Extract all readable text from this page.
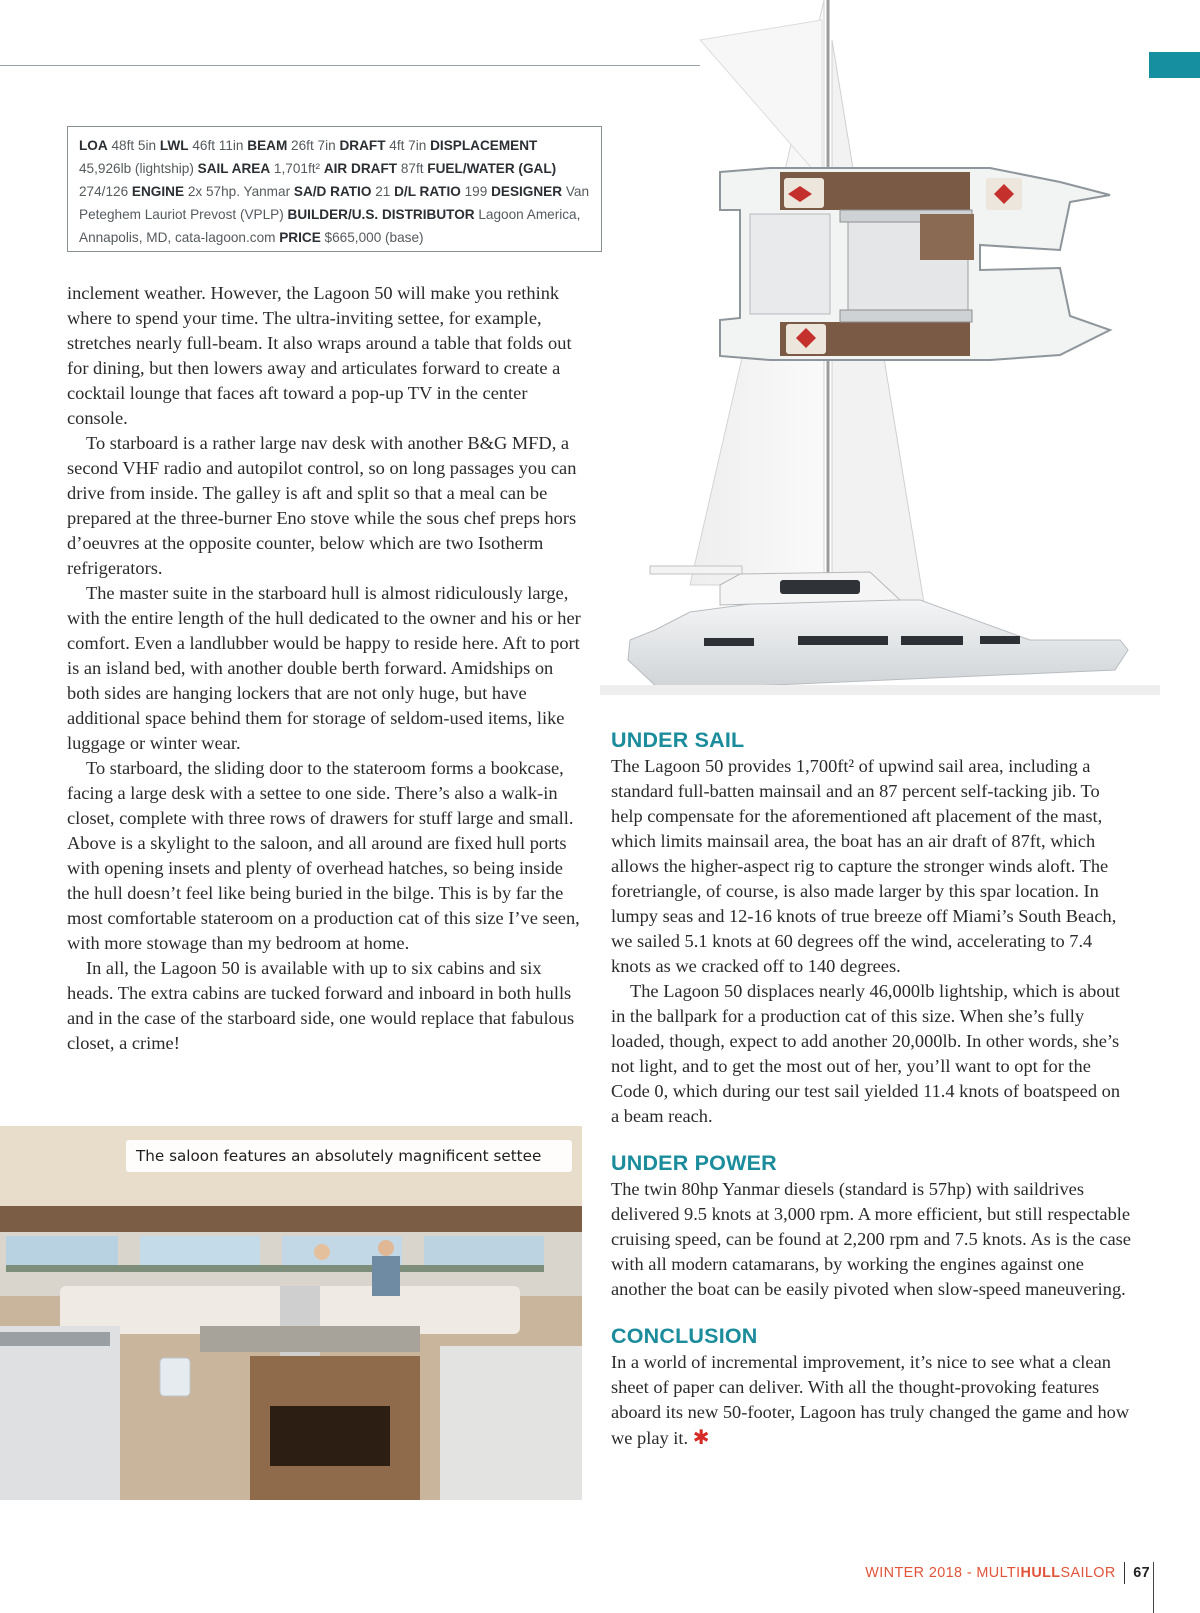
LOA 48ft 5in LWL 46ft 11in BEAM 26ft 7in DRAFT 4ft 7in DISPLACEMENT 45,926lb (lightship) SAIL AREA 1,701ft² AIR DRAFT 87ft FUEL/WATER (GAL) 274/126 ENGINE 2x 57hp. Yanmar SA/D RATIO 21 D/L RATIO 199 DESIGNER Van Peteghem Lauriot Prevost (VPLP) BUILDER/U.S. DISTRIBUTOR Lagoon America, Annapolis, MD, cata-lagoon.com PRICE $665,000 (base)

inclement weather. However, the Lagoon 50 will make you rethink where to spend your time. The ultra-inviting settee, for example, stretches nearly full-beam. It also wraps around a table that folds out for dining, but then lowers away and articulates forward to create a cocktail lounge that faces aft toward a pop-up TV in the center console.

To starboard is a rather large nav desk with another B&G MFD, a second VHF radio and autopilot control, so on long passages you can drive from inside. The galley is aft and split so that a meal can be prepared at the three-burner Eno stove while the sous chef preps hors d’oeuvres at the opposite counter, below which are two Isotherm refrigerators.

The master suite in the starboard hull is almost ridiculously large, with the entire length of the hull dedicated to the owner and his or her comfort. Even a landlubber would be happy to reside here. Aft to port is an island bed, with another double berth forward. Amidships on both sides are hanging lockers that are not only huge, but have additional space behind them for storage of seldom-used items, like luggage or winter wear.

To starboard, the sliding door to the stateroom forms a bookcase, facing a large desk with a settee to one side. There’s also a walk-in closet, complete with three rows of drawers for stuff large and small. Above is a skylight to the saloon, and all around are fixed hull ports with opening insets and plenty of overhead hatches, so being inside the hull doesn’t feel like being buried in the bilge. This is by far the most comfortable stateroom on a production cat of this size I’ve seen, with more stowage than my bedroom at home.

In all, the Lagoon 50 is available with up to six cabins and six heads. The extra cabins are tucked forward and inboard in both hulls and in the case of the starboard side, one would replace that fabulous closet, a crime!

UNDER SAIL

The Lagoon 50 provides 1,700ft² of upwind sail area, including a standard full-batten mainsail and an 87 percent self-tacking jib. To help compensate for the aforementioned aft placement of the mast, which limits mainsail area, the boat has an air draft of 87ft, which allows the higher-aspect rig to capture the stronger winds aloft. The foretriangle, of course, is also made larger by this spar location. In lumpy seas and 12-16 knots of true breeze off Miami’s South Beach, we sailed 5.1 knots at 60 degrees off the wind, accelerating to 7.4 knots as we cracked off to 140 degrees.

The Lagoon 50 displaces nearly 46,000lb lightship, which is about in the ballpark for a production cat of this size. When she’s fully loaded, though, expect to add another 20,000lb. In other words, she’s not light, and to get the most out of her, you’ll want to opt for the Code 0, which during our test sail yielded 11.4 knots of boatspeed on a beam reach.

UNDER POWER

The twin 80hp Yanmar diesels (standard is 57hp) with saildrives delivered 9.5 knots at 3,000 rpm. A more efficient, but still respectable cruising speed, can be found at 2,200 rpm and 7.5 knots. As is the case with all modern catamarans, by working the engines against one another the boat can be easily pivoted when slow-speed maneuvering.

CONCLUSION

In a world of incremental improvement, it’s nice to see what a clean sheet of paper can deliver. With all the thought-provoking features aboard its new 50-footer, Lagoon has truly changed the game and how we play it. ✱

The saloon features an absolutely magnificent settee
WINTER 2018 - MULTI HULL SAILOR 67
